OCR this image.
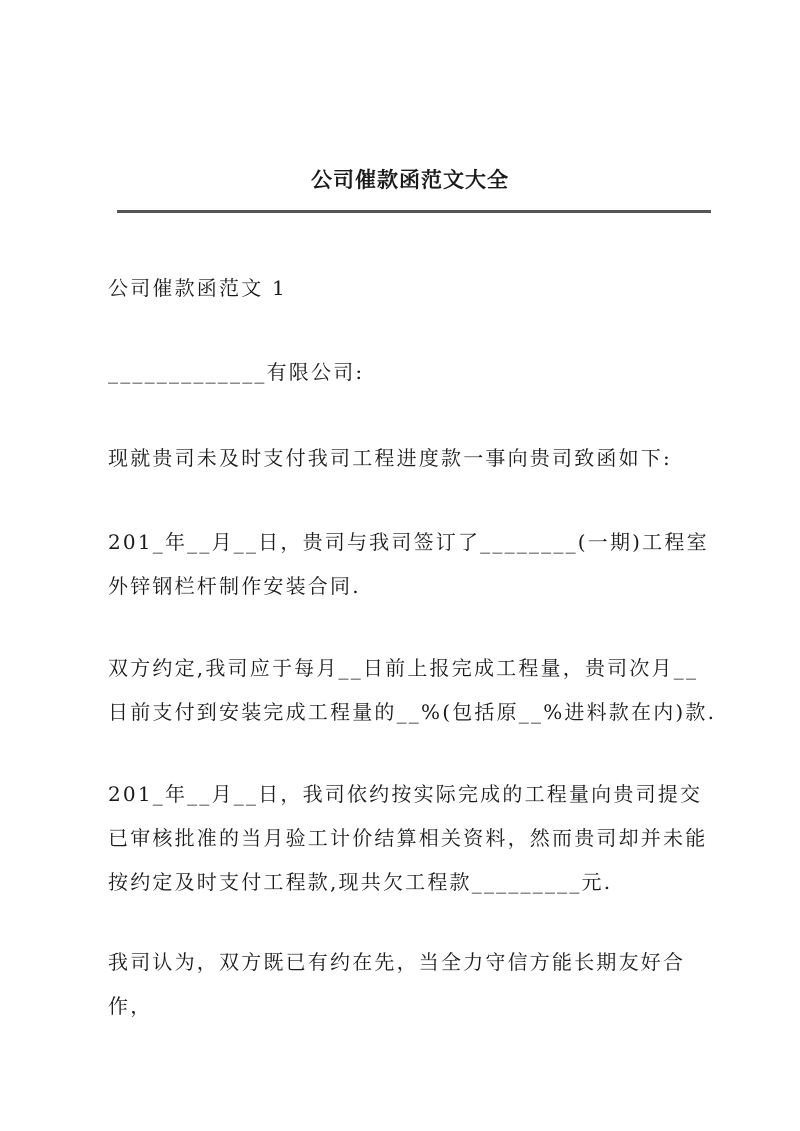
公司催款函范文大全

公司催款函范文 1

_____________有限公司:

现就贵司未及时支付我司工程进度款一事向贵司致函如下:

201_年__月__日，贵司与我司签订了________(一期)工程室外锌钢栏杆制作安装合同.

双方约定,我司应于每月__日前上报完成工程量，贵司次月__日前支付到安装完成工程量的__%(包括原__%进料款在内)款.

201_年__月__日，我司依约按实际完成的工程量向贵司提交已审核批准的当月验工计价结算相关资料，然而贵司却并未能按约定及时支付工程款,现共欠工程款_________元.

我司认为，双方既已有约在先，当全力守信方能长期友好合作，
